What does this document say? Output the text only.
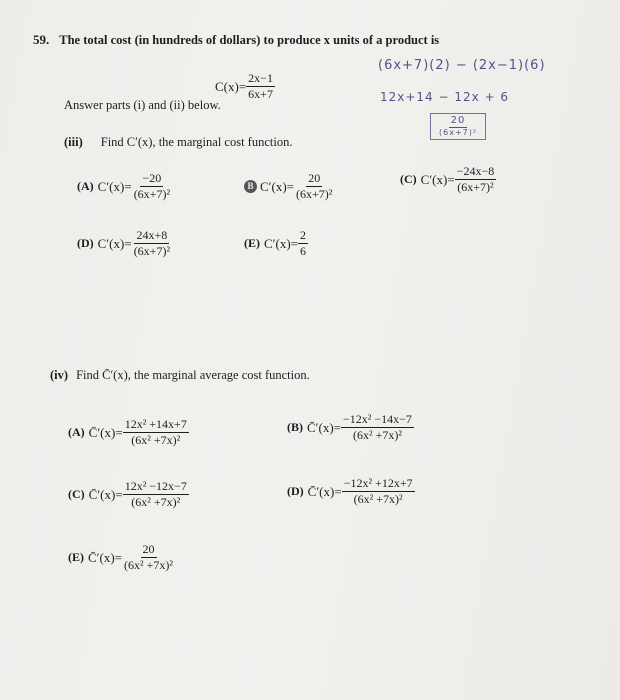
59. The total cost (in hundreds of dollars) to produce x units of a product is
$C(x)= \frac{2x-1}{6x+7}$
Answer parts (i) and (ii) below.
(6x+7)(2) − (2x−1)(6)
12x+14 − 12x + 6
$\frac{20}{\text{(6x+7)²}}$
(iii) Find C′(x), the marginal cost function.
(A) $C'(x)= \frac{-20}{\text{(6x+7)²}}$	B $C'(x)= \frac{20}{\text{(6x+7)²}}$	(C) $C'(x)= \frac{-24x-8}{\text{(6x+7)²}}$
(D) $C'(x)= \frac{24x+8}{\text{(6x+7)²}}$	(E) $C'(x)= \frac{2}{6}$
(iv) Find C̄′(x), the marginal average cost function.
(A) C̄′(x)= $\frac{\text{12x² +14x+7}}{\text{(6x² +7x)²}}$	(B) C̄′(x)= $\frac{\text{−12x² −14x−7}}{\text{(6x² +7x)²}}$
(C) C̄′(x)= $\frac{\text{12x² −12x−7}}{\text{(6x² +7x)²}}$	(D) C̄′(x)= $\frac{\text{−12x² +12x+7}}{\text{(6x² +7x)²}}$
(E) C̄′(x)= $\frac{20}{\text{(6x² +7x)²}}$
